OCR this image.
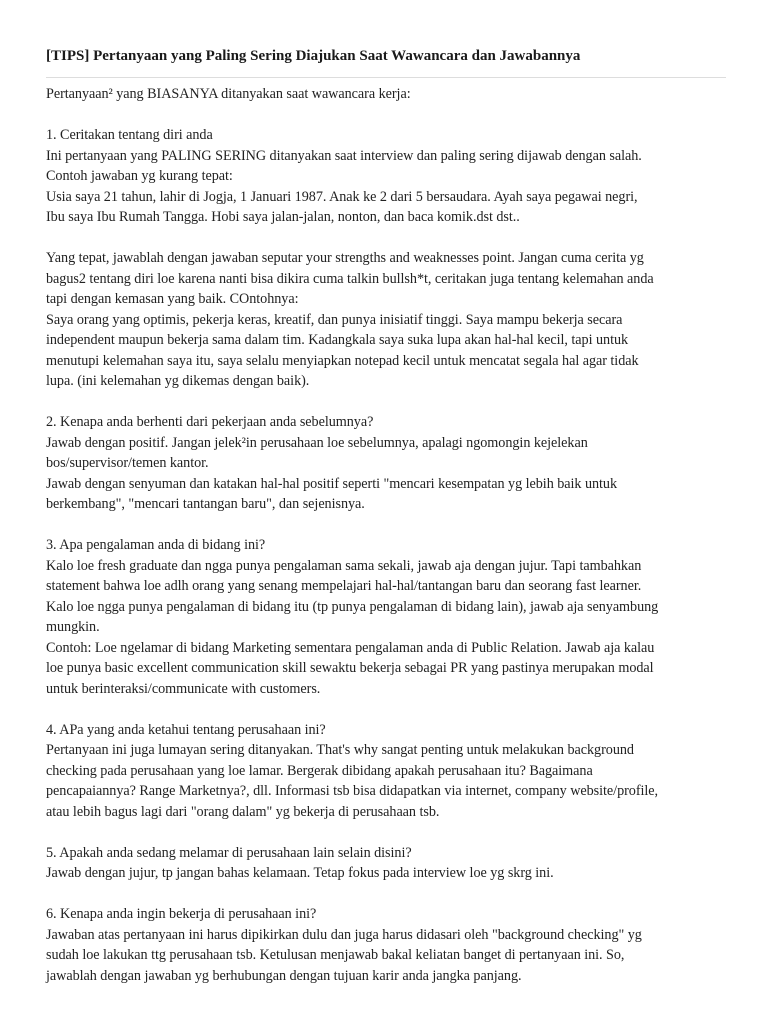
[TIPS] Pertanyaan yang Paling Sering Diajukan Saat Wawancara dan Jawabannya
Pertanyaan² yang BIASANYA ditanyakan saat wawancara kerja:
1. Ceritakan tentang diri anda
Ini pertanyaan yang PALING SERING ditanyakan saat interview dan paling sering dijawab dengan salah.
Contoh jawaban yg kurang tepat:
Usia saya 21 tahun, lahir di Jogja, 1 Januari 1987. Anak ke 2 dari 5 bersaudara. Ayah saya pegawai negri,
Ibu saya Ibu Rumah Tangga. Hobi saya jalan-jalan, nonton, dan baca komik.dst dst..
Yang tepat, jawablah dengan jawaban seputar your strengths and weaknesses point. Jangan cuma cerita yg
bagus2 tentang diri loe karena nanti bisa dikira cuma talkin bullsh*t, ceritakan juga tentang kelemahan anda
tapi dengan kemasan yang baik. COntohnya:
Saya orang yang optimis, pekerja keras, kreatif, dan punya inisiatif tinggi. Saya mampu bekerja secara
independent maupun bekerja sama dalam tim. Kadangkala saya suka lupa akan hal-hal kecil, tapi untuk
menutupi kelemahan saya itu, saya selalu menyiapkan notepad kecil untuk mencatat segala hal agar tidak
lupa. (ini kelemahan yg dikemas dengan baik).
2. Kenapa anda berhenti dari pekerjaan anda sebelumnya?
Jawab dengan positif. Jangan jelek²in perusahaan loe sebelumnya, apalagi ngomongin kejelekan
bos/supervisor/temen kantor.
Jawab dengan senyuman dan katakan hal-hal positif seperti "mencari kesempatan yg lebih baik untuk
berkembang", "mencari tantangan baru", dan sejenisnya.
3. Apa pengalaman anda di bidang ini?
Kalo loe fresh graduate dan ngga punya pengalaman sama sekali, jawab aja dengan jujur. Tapi tambahkan
statement bahwa loe adlh orang yang senang mempelajari hal-hal/tantangan baru dan seorang fast learner.
Kalo loe ngga punya pengalaman di bidang itu (tp punya pengalaman di bidang lain), jawab aja senyambung
mungkin.
Contoh: Loe ngelamar di bidang Marketing sementara pengalaman anda di Public Relation. Jawab aja kalau
loe punya basic excellent communication skill sewaktu bekerja sebagai PR yang pastinya merupakan modal
untuk berinteraksi/communicate with customers.
4. APa yang anda ketahui tentang perusahaan ini?
Pertanyaan ini juga lumayan sering ditanyakan. That's why sangat penting untuk melakukan background
checking pada perusahaan yang loe lamar. Bergerak dibidang apakah perusahaan itu? Bagaimana
pencapaiannya? Range Marketnya?, dll. Informasi tsb bisa didapatkan via internet, company website/profile,
atau lebih bagus lagi dari "orang dalam" yg bekerja di perusahaan tsb.
5. Apakah anda sedang melamar di perusahaan lain selain disini?
Jawab dengan jujur, tp jangan bahas kelamaan. Tetap fokus pada interview loe yg skrg ini.
6. Kenapa anda ingin bekerja di perusahaan ini?
Jawaban atas pertanyaan ini harus dipikirkan dulu dan juga harus didasari oleh "background checking" yg
sudah loe lakukan ttg perusahaan tsb. Ketulusan menjawab bakal keliatan banget di pertanyaan ini. So,
jawablah dengan jawaban yg berhubungan dengan tujuan karir anda jangka panjang.
